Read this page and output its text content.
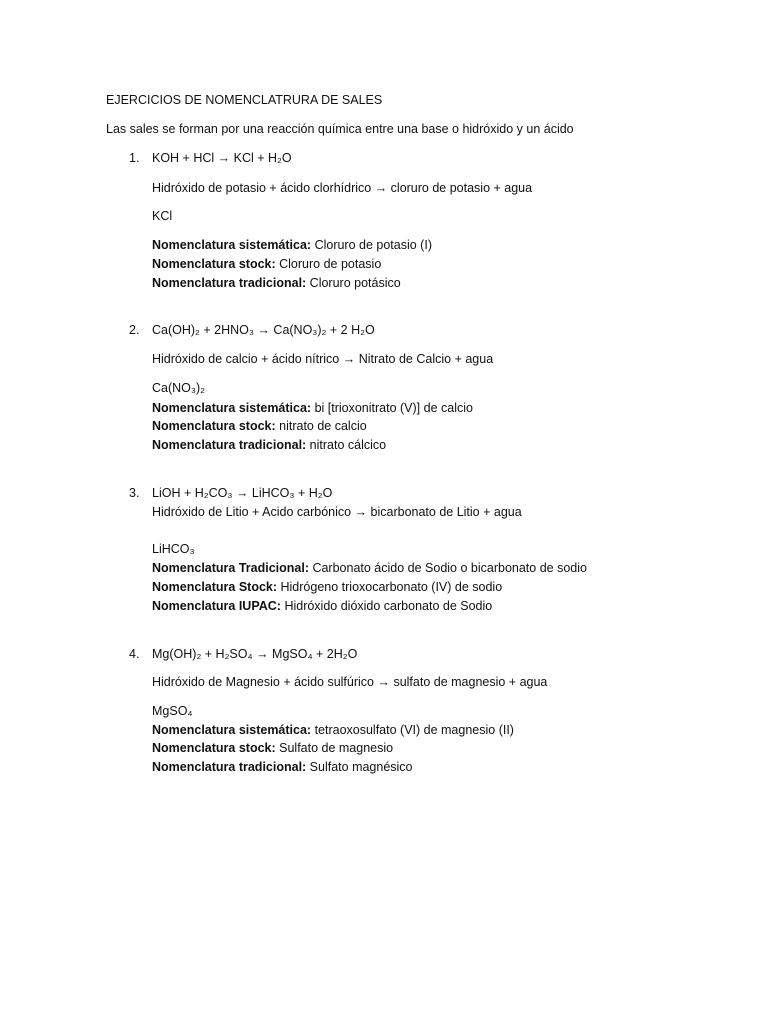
EJERCICIOS DE NOMENCLATRURA DE SALES
Las sales se forman por una reacción química entre una base o hidróxido y un ácido
1. KOH + HCl → KCl + H₂O
Hidróxido de potasio + ácido clorhídrico → cloruro de potasio + agua
KCl
Nomenclatura sistemática: Cloruro de potasio (I)
Nomenclatura stock: Cloruro de potasio
Nomenclatura tradicional: Cloruro potásico
2. Ca(OH)₂ + 2HNO₃ → Ca(NO₃)₂ + 2 H₂O
Hidróxido de calcio + ácido nítrico → Nitrato de Calcio + agua
Ca(NO₃)₂
Nomenclatura sistemática: bi [trioxonitrato (V)] de calcio
Nomenclatura stock: nitrato de calcio
Nomenclatura tradicional: nitrato cálcico
3. LiOH + H₂CO₃ → LiHCO₃ + H₂O
Hidróxido de Litio + Acido carbónico → bicarbonato de Litio + agua
LiHCO₃
Nomenclatura Tradicional: Carbonato ácido de Sodio o bicarbonato de sodio
Nomenclatura Stock: Hidrógeno trioxocarbonato (IV) de sodio
Nomenclatura IUPAC: Hidróxido dióxido carbonato de Sodio
4. Mg(OH)₂ + H₂SO₄ → MgSO₄ + 2H₂O
Hidróxido de Magnesio + ácido sulfúrico → sulfato de magnesio + agua
MgSO₄
Nomenclatura sistemática: tetraoxosulfato (VI) de magnesio (II)
Nomenclatura stock: Sulfato de magnesio
Nomenclatura tradicional: Sulfato magnésico
